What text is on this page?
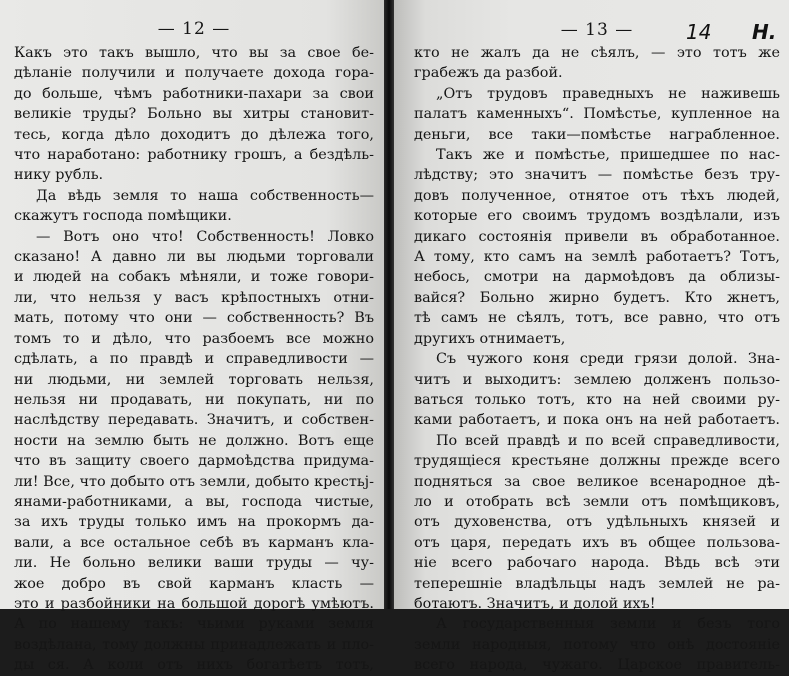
— 12 —
Какъ это такъ вышло, что вы за свое бе-
дѣланіе получили и получаете дохода гора-
до больше, чѣмъ работники-пахари за свои
великіе труды? Больно вы хитры становит-
тесь, когда дѣло доходитъ до дѣлежа того,
что наработано: работнику грошъ, а бездѣль-
нику рубль.
Да вѣдь земля то наша собственность—
скажутъ господа помѣщики.
— Вотъ оно что! Собственность! Ловко
сказано! А давно ли вы людьми торговали
и людей на собакъ мѣняли, и тоже говори-
ли, что нельзя у васъ крѣпостныхъ отни-
мать, потому что они — собственность? Въ
томъ то и дѣло, что разбоемъ все можно
сдѣлать, а по правдѣ и справедливости —
ни людьми, ни землей торговать нельзя,
нельзя ни продавать, ни покупать, ни по
наслѣдству передавать. Значитъ, и собствен-
ности на землю быть не должно. Вотъ еще
что въ защиту своего дармоѣдства придума-
ли! Все, что добыто отъ земли, добыто крестьј-
янами-работниками, а вы, господа чистые,
за ихъ труды только имъ на прокормъ да-
вали, а все остальное себѣ въ карманъ кла-
ли. Не больно велики ваши труды — чу-
жое добро въ свой карманъ класть —
это и разбойники на большой дорогѣ умѣютъ.
А по нашему такъ: чьими руками земля
воздѣлана, тому должны принадлежать и пло-
ды ся. А коли отъ нихъ богатѣетъ тотъ,
— 13 —
кто не жалъ да не сѣялъ, — это тотъ же
грабежъ да разбой.
„Отъ трудовъ праведныхъ не наживешь
палатъ каменныхъ“. Помѣстье, купленное на
деньги, все таки—помѣстье награбленное.
Такъ же и помѣстье, пришедшее по нас-
лѣдству; это значитъ — помѣстье безъ тру-
довъ полученное, отнятое отъ тѣхъ людей,
которые его своимъ трудомъ воздѣлали, изъ
дикаго состоянія привели въ обработанное.
А тому, кто самъ на землѣ работаетъ? Тотъ,
небось, смотри на дармоѣдовъ да облизы-
вайся? Больно жирно будетъ. Кто жнетъ,
тѣ самъ не сѣялъ, тотъ, все равно, что отъ
другихъ отнимаетъ,
Съ чужого коня среди грязи долой. Зна-
читъ и выходитъ: землею долженъ пользо-
ваться только тотъ, кто на ней своими ру-
ками работаетъ, и пока онъ на ней работаетъ.
По всей правдѣ и по всей справедливости,
трудящіеся крестьяне должны прежде всего
подняться за свое великое всенародное дѣ-
ло и отобрать всѣ земли отъ помѣщиковъ,
отъ духовенства, отъ удѣльныхъ князей и
отъ царя, передать ихъ въ общее пользова-
ніе всего рабочаго народа. Вѣдь всѣ эти
теперешніе владѣльцы надъ землей не ра-
ботаютъ. Значитъ, и долой ихъ!
А государственныя земли и безъ того
земли народныя, потому что онѣ достояніе
всего народа, чужаго. Царское правитель-
14 Н.
